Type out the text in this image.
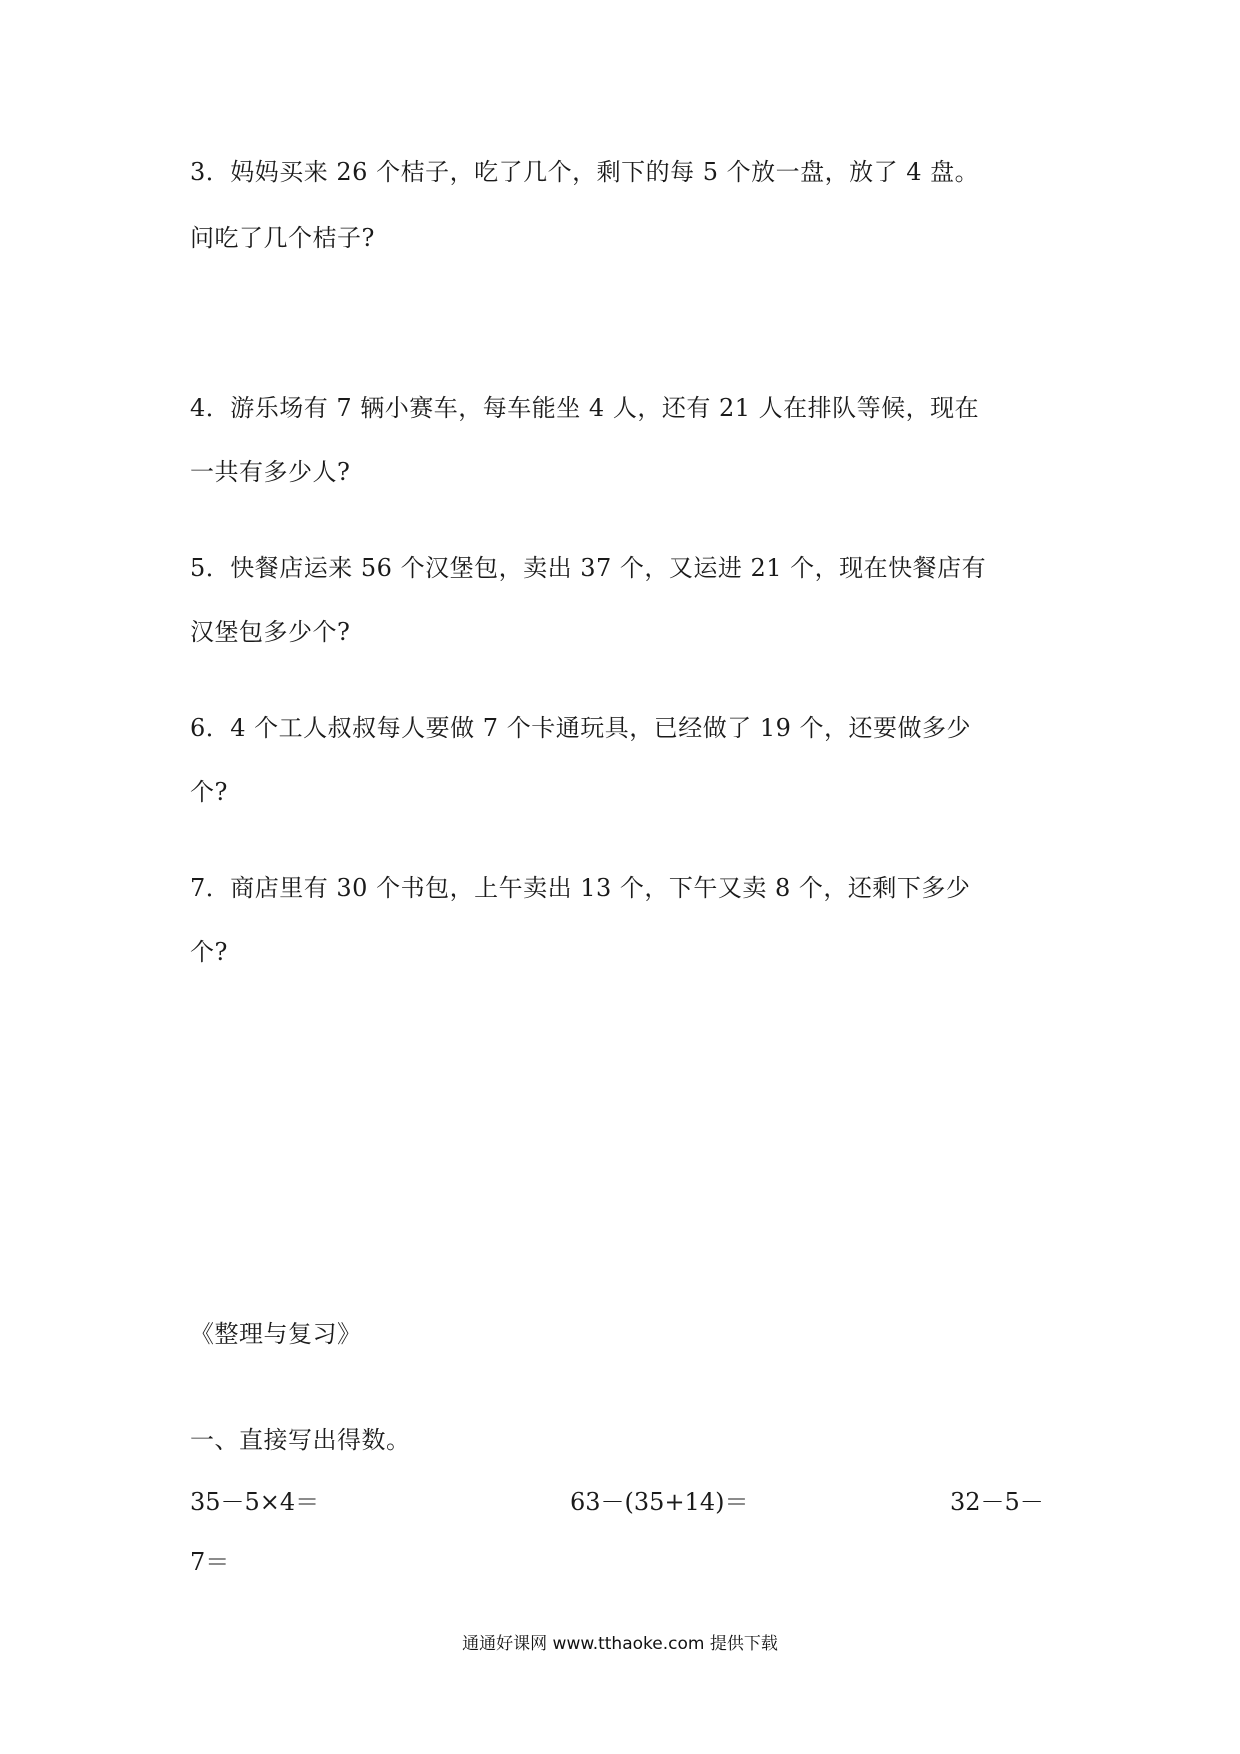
3．妈妈买来 26 个桔子，吃了几个，剩下的每 5 个放一盘，放了 4 盘。
问吃了几个桔子?
4．游乐场有 7 辆小赛车，每车能坐 4 人，还有 21 人在排队等候，现在
一共有多少人?
5．快餐店运来 56 个汉堡包，卖出 37 个，又运进 21 个，现在快餐店有
汉堡包多少个?
6．4 个工人叔叔每人要做 7 个卡通玩具，已经做了 19 个，还要做多少
个?
7．商店里有 30 个书包，上午卖出 13 个，下午又卖 8 个，还剩下多少
个?
《整理与复习》
一、直接写出得数。
35－5×4＝	63－(35+14)＝	32－5－
7＝
通通好课网 www.tthaoke.com 提供下载
